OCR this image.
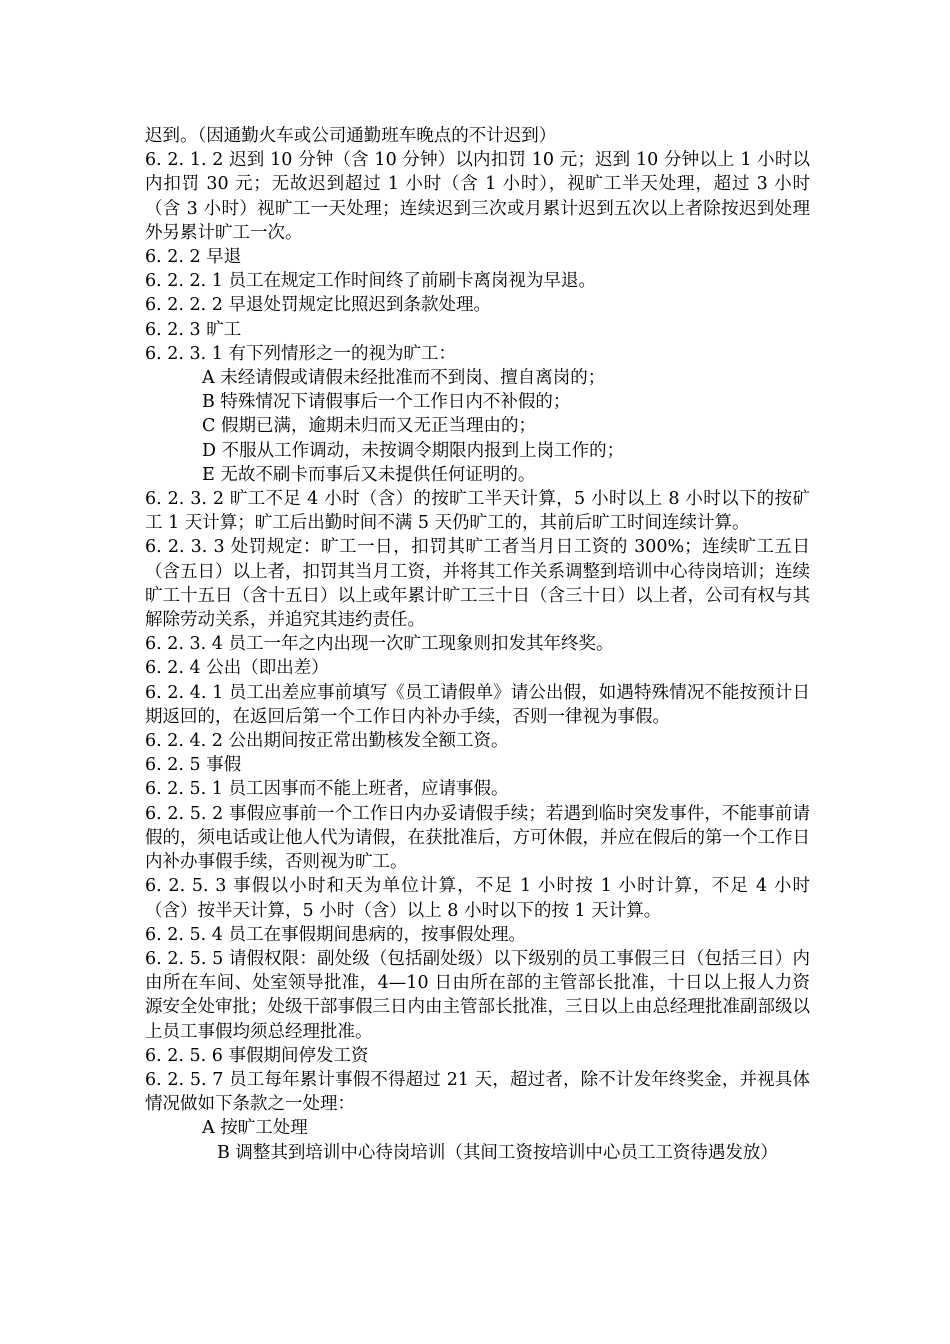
迟到。（因通勤火车或公司通勤班车晚点的不计迟到）

6. 2. 1. 2 迟到 10 分钟（含 10 分钟）以内扣罚 10 元；迟到 10 分钟以上 1 小时以内扣罚 30 元；无故迟到超过 1 小时（含 1 小时），视旷工半天处理，超过 3 小时（含 3 小时）视旷工一天处理；连续迟到三次或月累计迟到五次以上者除按迟到处理外另累计旷工一次。

6. 2. 2 早退

6. 2. 2. 1 员工在规定工作时间终了前刷卡离岗视为早退。

6. 2. 2. 2 早退处罚规定比照迟到条款处理。

6. 2. 3 旷工

6. 2. 3. 1 有下列情形之一的视为旷工：

A 未经请假或请假未经批准而不到岗、擅自离岗的；

B 特殊情况下请假事后一个工作日内不补假的；

C 假期已满，逾期未归而又无正当理由的；

D 不服从工作调动，未按调令期限内报到上岗工作的；

E 无故不刷卡而事后又未提供任何证明的。

6. 2. 3. 2 旷工不足 4 小时（含）的按旷工半天计算，5 小时以上 8 小时以下的按矿工 1 天计算；旷工后出勤时间不满 5 天仍旷工的，其前后旷工时间连续计算。

6. 2. 3. 3 处罚规定：旷工一日，扣罚其旷工者当月日工资的 300%；连续旷工五日（含五日）以上者，扣罚其当月工资，并将其工作关系调整到培训中心待岗培训；连续旷工十五日（含十五日）以上或年累计旷工三十日（含三十日）以上者，公司有权与其解除劳动关系，并追究其违约责任。

6. 2. 3. 4 员工一年之内出现一次旷工现象则扣发其年终奖。

6. 2. 4 公出（即出差）

6. 2. 4. 1 员工出差应事前填写《员工请假单》请公出假，如遇特殊情况不能按预计日期返回的，在返回后第一个工作日内补办手续，否则一律视为事假。

6. 2. 4. 2 公出期间按正常出勤核发全额工资。

6. 2. 5 事假

6. 2. 5. 1 员工因事而不能上班者，应请事假。

6. 2. 5. 2 事假应事前一个工作日内办妥请假手续；若遇到临时突发事件，不能事前请假的，须电话或让他人代为请假，在获批准后，方可休假，并应在假后的第一个工作日内补办事假手续，否则视为旷工。

6. 2. 5. 3 事假以小时和天为单位计算，不足 1 小时按 1 小时计算，不足 4 小时（含）按半天计算，5 小时（含）以上 8 小时以下的按 1 天计算。

6. 2. 5. 4 员工在事假期间患病的，按事假处理。

6. 2. 5. 5 请假权限：副处级（包括副处级）以下级别的员工事假三日（包括三日）内由所在车间、处室领导批准，4—10 日由所在部的主管部长批准，十日以上报人力资源安全处审批；处级干部事假三日内由主管部长批准，三日以上由总经理批准副部级以上员工事假均须总经理批准。

6. 2. 5. 6 事假期间停发工资

6. 2. 5. 7 员工每年累计事假不得超过 21 天，超过者，除不计发年终奖金，并视具体情况做如下条款之一处理：

A 按旷工处理

B 调整其到培训中心待岗培训（其间工资按培训中心员工工资待遇发放）
